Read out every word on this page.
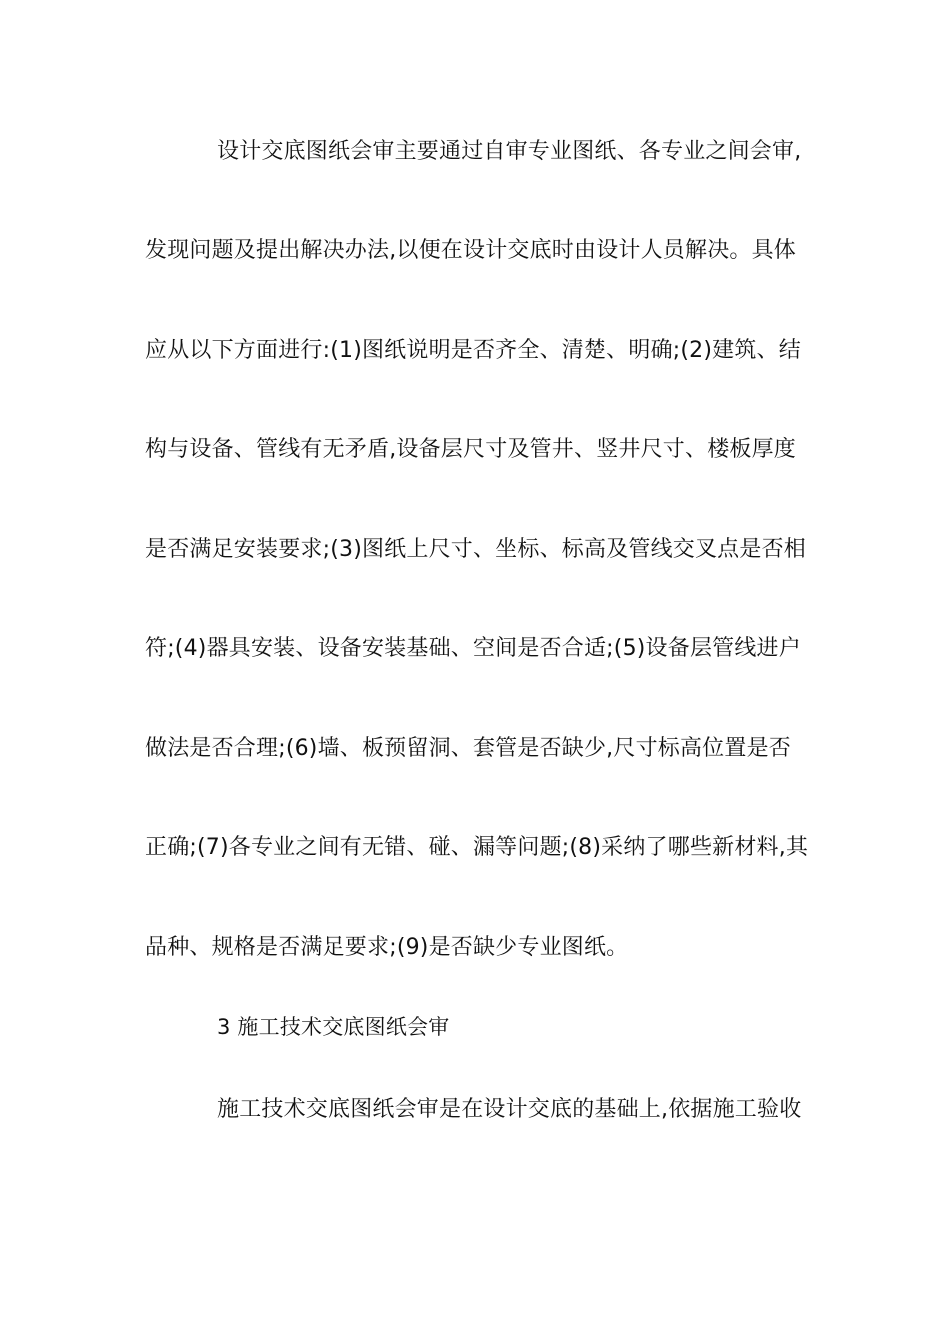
设计交底图纸会审主要通过自审专业图纸、各专业之间会审,
发现问题及提出解决办法,以便在设计交底时由设计人员解决。具体
应从以下方面进行:(1)图纸说明是否齐全、清楚、明确;(2)建筑、结
构与设备、管线有无矛盾,设备层尺寸及管井、竖井尺寸、楼板厚度
是否满足安装要求;(3)图纸上尺寸、坐标、标高及管线交叉点是否相
符;(4)器具安装、设备安装基础、空间是否合适;(5)设备层管线进户
做法是否合理;(6)墙、板预留洞、套管是否缺少,尺寸标高位置是否
正确;(7)各专业之间有无错、碰、漏等问题;(8)采纳了哪些新材料,其
品种、规格是否满足要求;(9)是否缺少专业图纸。
3 施工技术交底图纸会审
施工技术交底图纸会审是在设计交底的基础上,依据施工验收
